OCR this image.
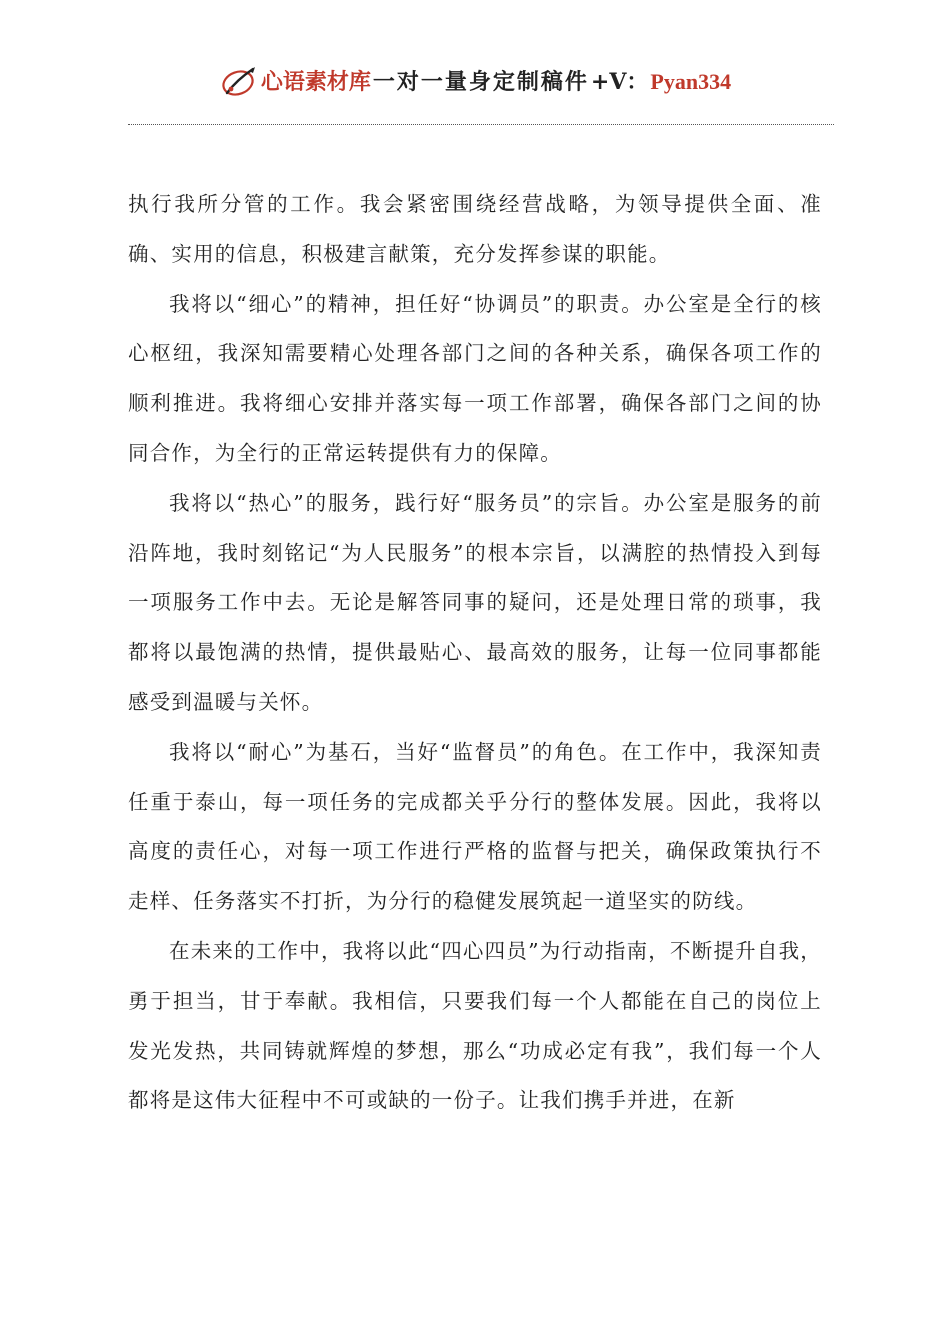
心语素材库 一对一量身定制稿件 +V： Pyan334

执行我所分管的工作。我会紧密围绕经营战略，为领导提供全面、准确、实用的信息，积极建言献策，充分发挥参谋的职能。

我将以“细心”的精神，担任好“协调员”的职责。办公室是全行的核心枢纽，我深知需要精心处理各部门之间的各种关系，确保各项工作的顺利推进。我将细心安排并落实每一项工作部署，确保各部门之间的协同合作，为全行的正常运转提供有力的保障。

我将以“热心”的服务，践行好“服务员”的宗旨。办公室是服务的前沿阵地，我时刻铭记“为人民服务”的根本宗旨，以满腔的热情投入到每一项服务工作中去。无论是解答同事的疑问，还是处理日常的琐事，我都将以最饱满的热情，提供最贴心、最高效的服务，让每一位同事都能感受到温暖与关怀。

我将以“耐心”为基石，当好“监督员”的角色。在工作中，我深知责任重于泰山，每一项任务的完成都关乎分行的整体发展。因此，我将以高度的责任心，对每一项工作进行严格的监督与把关，确保政策执行不走样、任务落实不打折，为分行的稳健发展筑起一道坚实的防线。

在未来的工作中，我将以此“四心四员”为行动指南，不断提升自我，勇于担当，甘于奉献。我相信，只要我们每一个人都能在自己的岗位上发光发热，共同铸就辉煌的梦想，那么“功成必定有我”，我们每一个人都将是这伟大征程中不可或缺的一份子。让我们携手并进，在新
